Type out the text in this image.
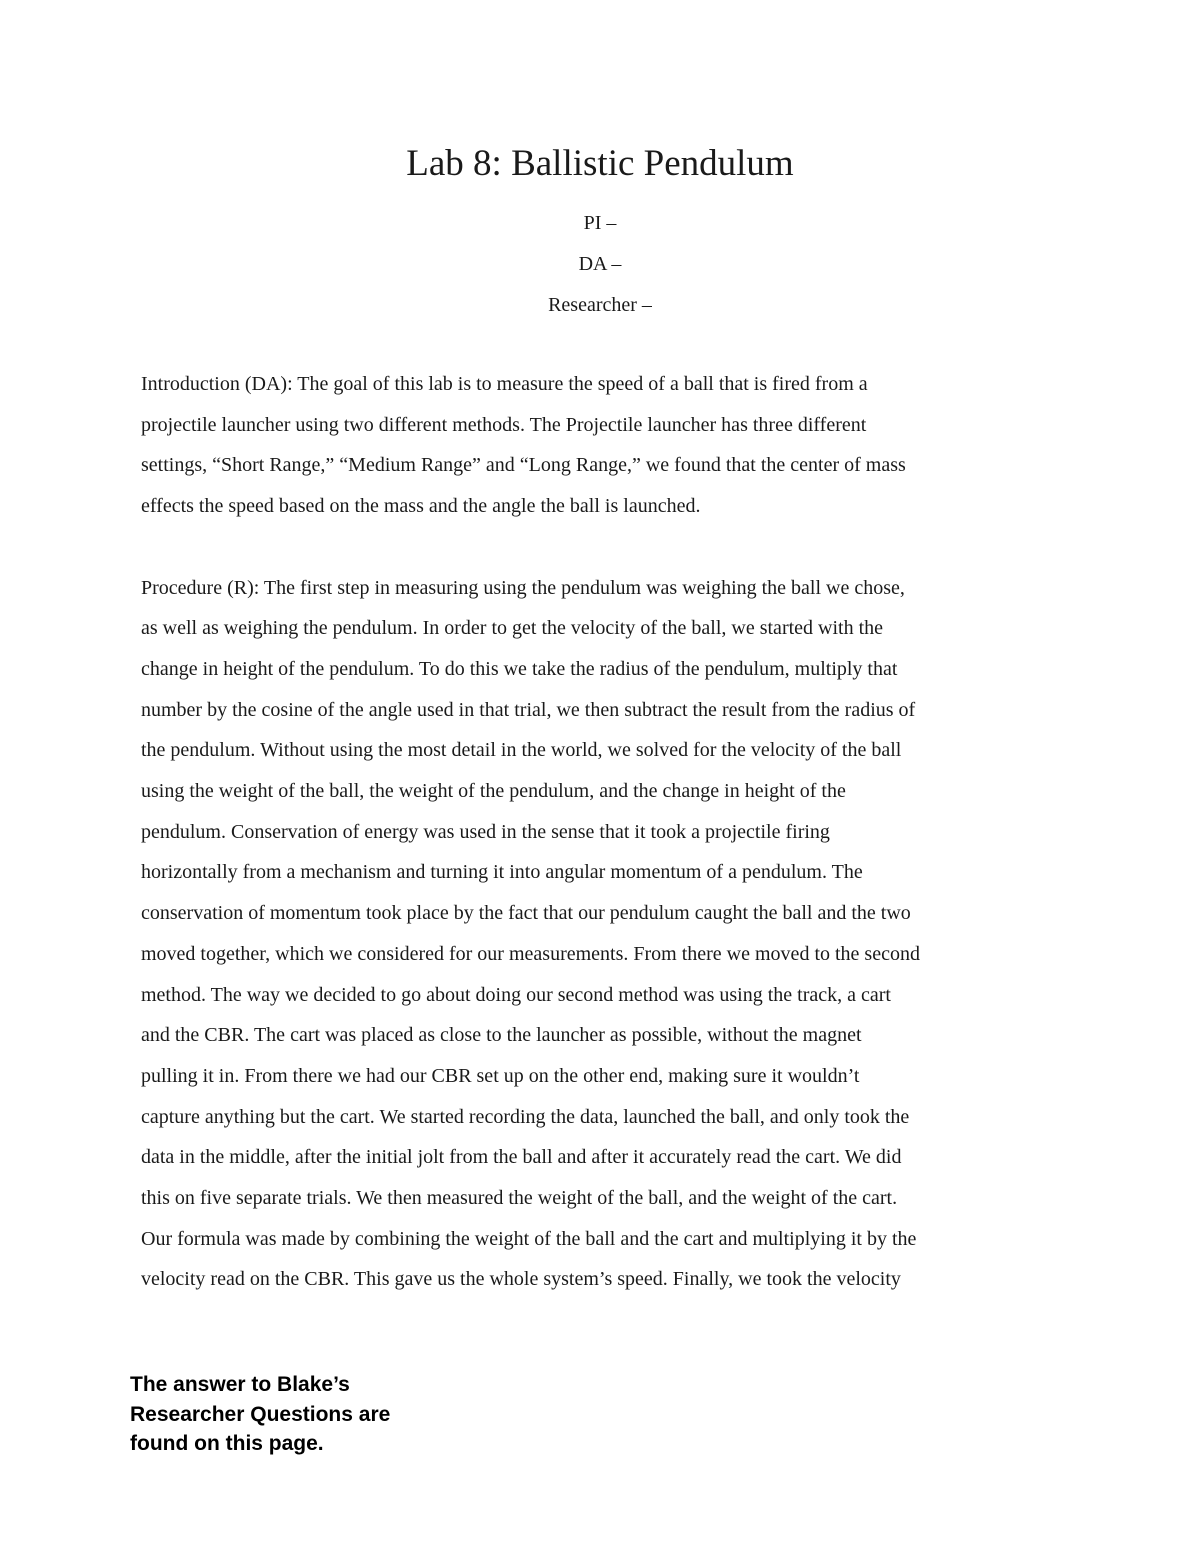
Lab 8: Ballistic Pendulum
PI –
DA –
Researcher –

Introduction (DA): The goal of this lab is to measure the speed of a ball that is fired from a
projectile launcher using two different methods. The Projectile launcher has three different
settings, “Short Range,” “Medium Range” and “Long Range,” we found that the center of mass
effects the speed based on the mass and the angle the ball is launched.

Procedure (R): The first step in measuring using the pendulum was weighing the ball we chose,
as well as weighing the pendulum. In order to get the velocity of the ball, we started with the
change in height of the pendulum. To do this we take the radius of the pendulum, multiply that
number by the cosine of the angle used in that trial, we then subtract the result from the radius of
the pendulum. Without using the most detail in the world, we solved for the velocity of the ball
using the weight of the ball, the weight of the pendulum, and the change in height of the
pendulum. Conservation of energy was used in the sense that it took a projectile firing
horizontally from a mechanism and turning it into angular momentum of a pendulum. The
conservation of momentum took place by the fact that our pendulum caught the ball and the two
moved together, which we considered for our measurements. From there we moved to the second
method. The way we decided to go about doing our second method was using the track, a cart
and the CBR. The cart was placed as close to the launcher as possible, without the magnet
pulling it in. From there we had our CBR set up on the other end, making sure it wouldn’t
capture anything but the cart. We started recording the data, launched the ball, and only took the
data in the middle, after the initial jolt from the ball and after it accurately read the cart. We did
this on five separate trials. We then measured the weight of the ball, and the weight of the cart.
Our formula was made by combining the weight of the ball and the cart and multiplying it by the
velocity read on the CBR. This gave us the whole system’s speed. Finally, we took the velocity

The answer to Blake’s
Researcher Questions are
found on this page.
